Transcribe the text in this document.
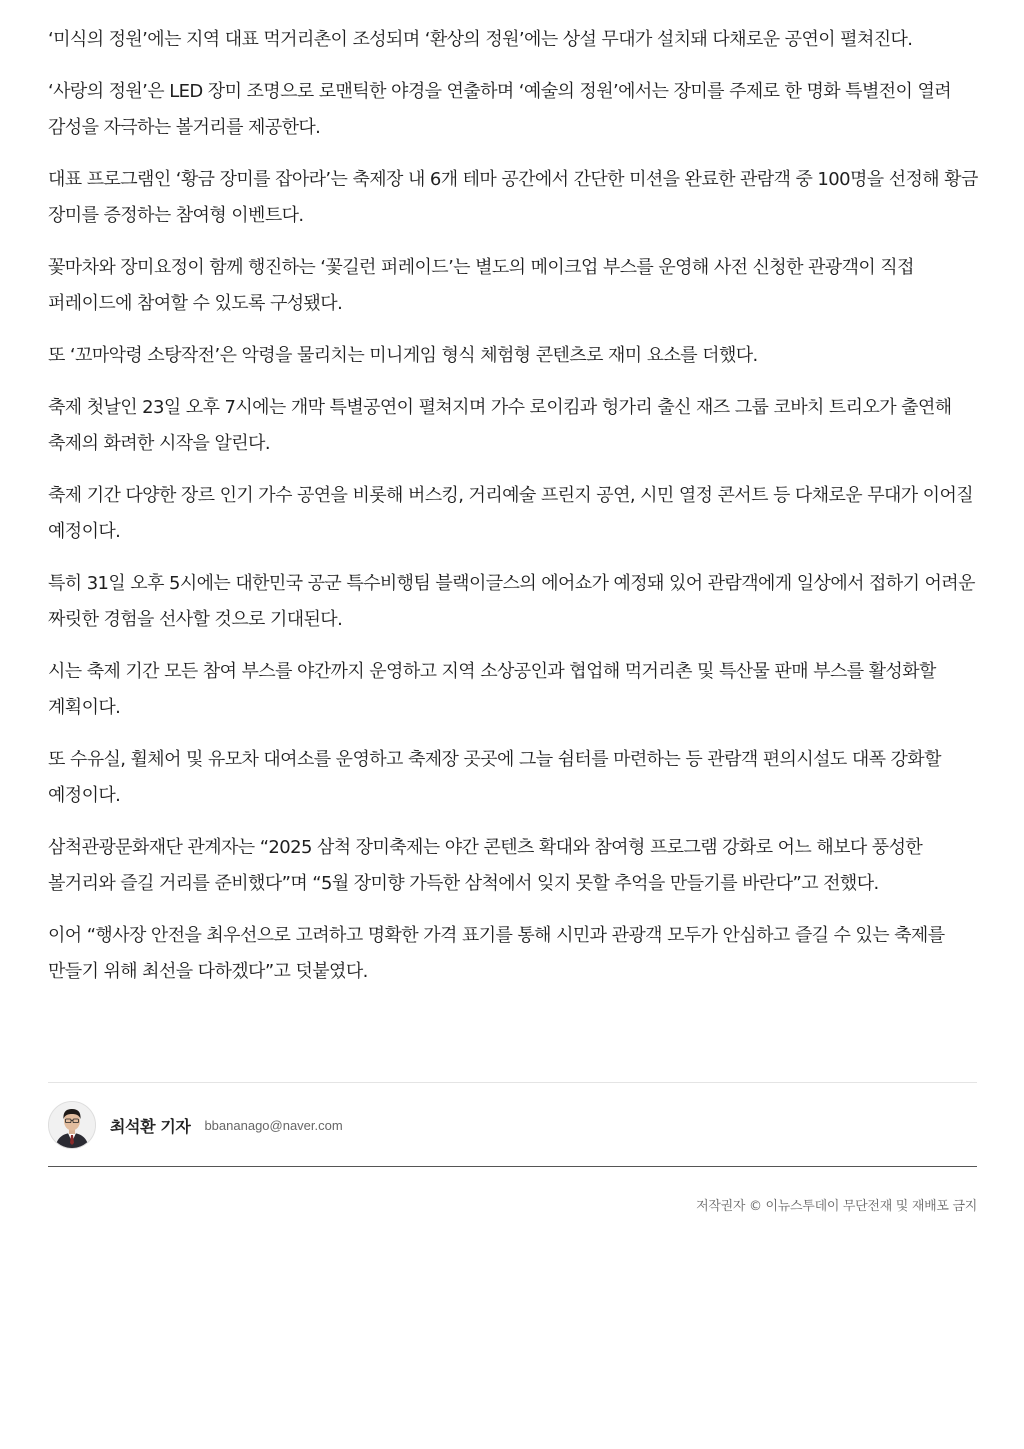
‘미식의 정원’에는 지역 대표 먹거리촌이 조성되며 ‘환상의 정원’에는 상설 무대가 설치돼 다채로운 공연이 펼쳐진다.

‘사랑의 정원’은 LED 장미 조명으로 로맨틱한 야경을 연출하며 ‘예술의 정원’에서는 장미를 주제로 한 명화 특별전이 열려 감성을 자극하는 볼거리를 제공한다.

대표 프로그램인 ‘황금 장미를 잡아라’는 축제장 내 6개 테마 공간에서 간단한 미션을 완료한 관람객 중 100명을 선정해 황금 장미를 증정하는 참여형 이벤트다.

꽃마차와 장미요정이 함께 행진하는 ‘꽃길런 퍼레이드’는 별도의 메이크업 부스를 운영해 사전 신청한 관광객이 직접 퍼레이드에 참여할 수 있도록 구성됐다.

또 ‘꼬마악령 소탕작전’은 악령을 물리치는 미니게임 형식 체험형 콘텐츠로 재미 요소를 더했다.

축제 첫날인 23일 오후 7시에는 개막 특별공연이 펼쳐지며 가수 로이킴과 헝가리 출신 재즈 그룹 코바치 트리오가 출연해 축제의 화려한 시작을 알린다.

축제 기간 다양한 장르 인기 가수 공연을 비롯해 버스킹, 거리예술 프린지 공연, 시민 열정 콘서트 등 다채로운 무대가 이어질 예정이다.

특히 31일 오후 5시에는 대한민국 공군 특수비행팀 블랙이글스의 에어쇼가 예정돼 있어 관람객에게 일상에서 접하기 어려운 짜릿한 경험을 선사할 것으로 기대된다.

시는 축제 기간 모든 참여 부스를 야간까지 운영하고 지역 소상공인과 협업해 먹거리촌 및 특산물 판매 부스를 활성화할 계획이다.

또 수유실, 휠체어 및 유모차 대여소를 운영하고 축제장 곳곳에 그늘 쉼터를 마련하는 등 관람객 편의시설도 대폭 강화할 예정이다.

삼척관광문화재단 관계자는 “2025 삼척 장미축제는 야간 콘텐츠 확대와 참여형 프로그램 강화로 어느 해보다 풍성한 볼거리와 즐길 거리를 준비했다”며 “5월 장미향 가득한 삼척에서 잊지 못할 추억을 만들기를 바란다”고 전했다.

이어 “행사장 안전을 최우선으로 고려하고 명확한 가격 표기를 통해 시민과 관광객 모두가 안심하고 즐길 수 있는 축제를 만들기 위해 최선을 다하겠다”고 덧붙였다.

최석환 기자 bbananago@naver.com
저작권자 © 이뉴스투데이 무단전재 및 재배포 금지
